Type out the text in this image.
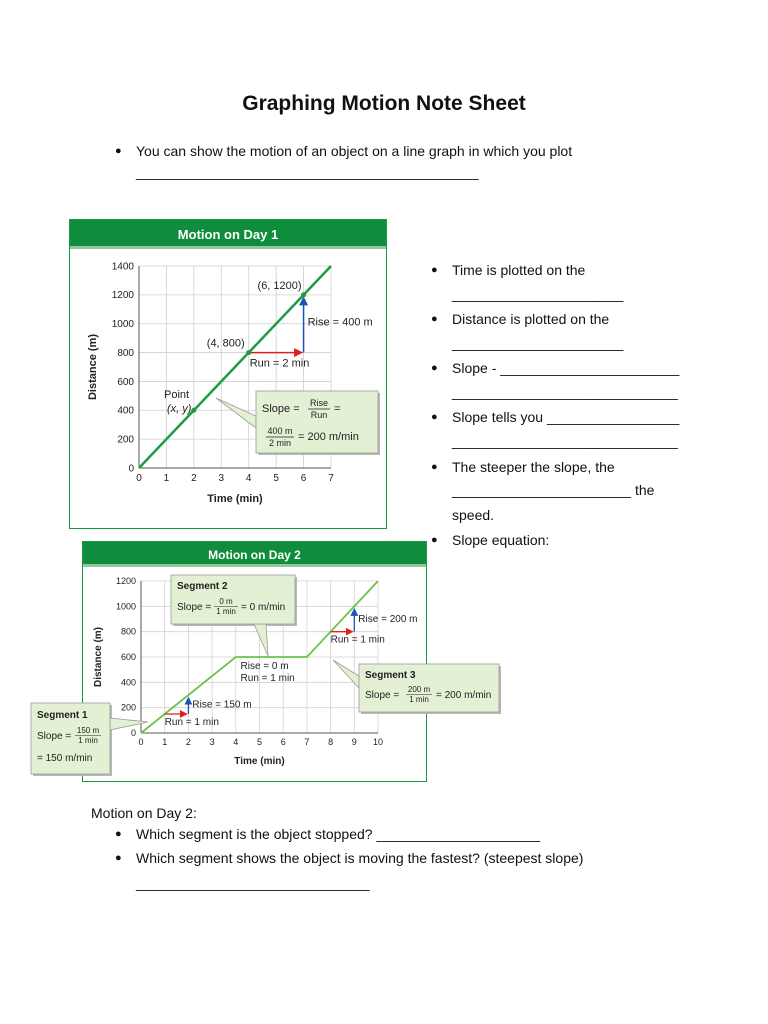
Graphing Motion Note Sheet
● You can show the motion of an object on a line graph in which you plot
____________________________________________
Motion on Day 1
0 1 2 3 4 5 6 7
0
200
400
600
800
1000
1200
1400
Time (min)
Distance (m)
(6, 1200)
(4, 800)
Rise = 400 m
Run = 2 min
Point
(x, y)	Slope = Rise
Run =
400 m
2 min = 200 m/min
● Time is plotted on the
______________________
● Distance is plotted on the
______________________
● Slope - _______________________
_____________________________
● Slope tells you _________________
_____________________________
● The steeper the slope, the
_______________________ the
speed.
● Slope equation:
Motion on Day 2
0 1 2 3 4 5 6 7 8 9 10
0
200
400
600
800
1000
1200
Time (min)
Distance (m)
Rise = 150 m
Run = 1 min
Rise = 0 m
Run = 1 min
Rise = 200 m
Run = 1 min
Segment 2
Slope =
0 m
1 min = 0 m/min
Segment 3
Slope =
200 m
1 min = 200 m/min
Segment 1
Slope =
150 m
1 min
= 150 m/min
Motion on Day 2:
● Which segment is the object stopped? _____________________
● Which segment shows the object is moving the fastest? (steepest slope)
______________________________
